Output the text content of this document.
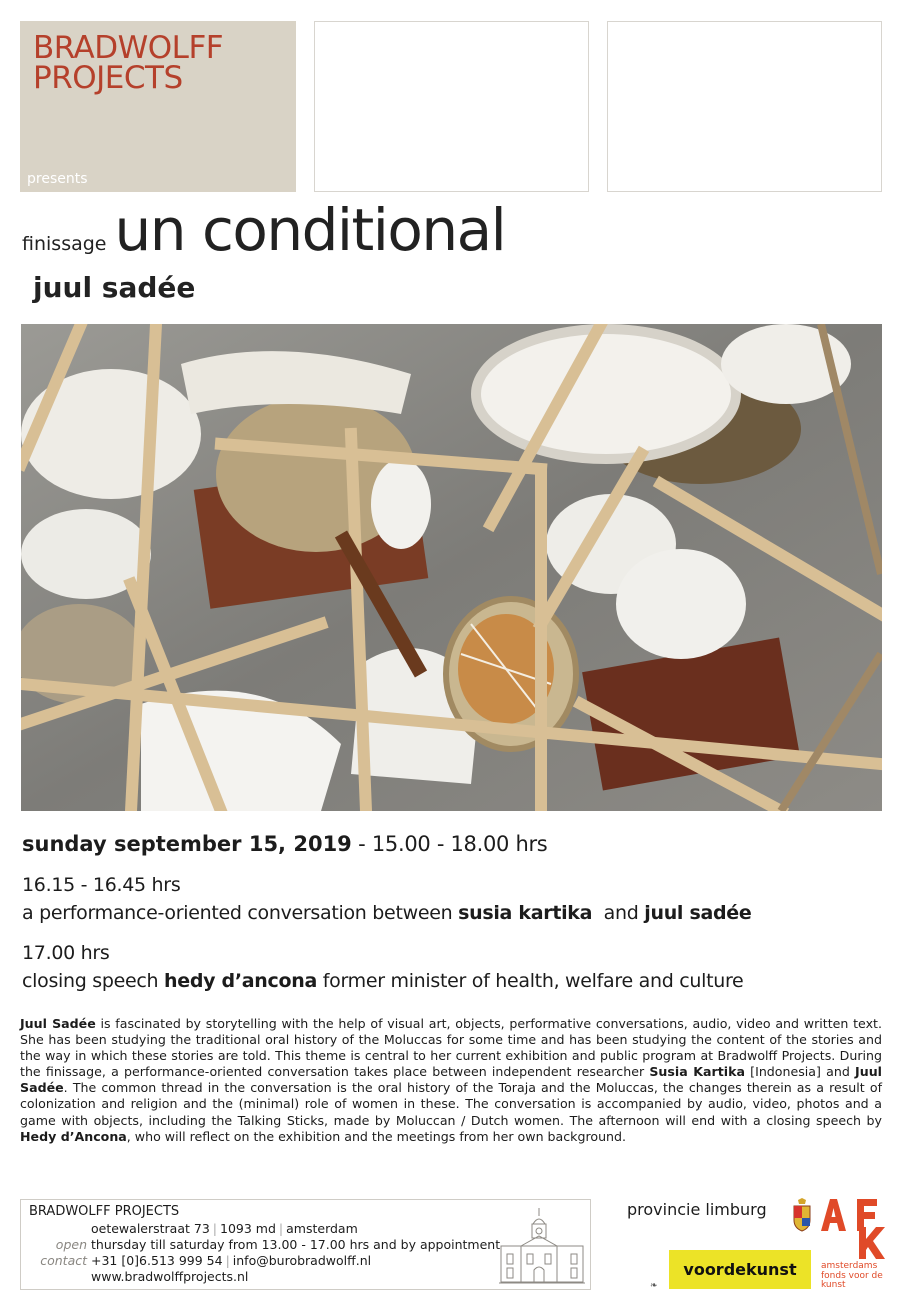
BRADWOLFF
PROJECTS
presents
finissage un conditional
juul sadée
sunday september 15, 2019 - 15.00 - 18.00 hrs
16.15 - 16.45 hrs
a performance-oriented conversation between susia kartika  and juul sadée
17.00 hrs
closing speech hedy d’ancona former minister of health, welfare and culture
Juul Sadée is fascinated by storytelling with the help of visual art, objects, performative conversations, audio, video and written text. She has been studying the traditional oral history of the Moluccas for some time and has been studying the content of the stories and the way in which these stories are told. This theme is central to her current exhibition and public program at Bradwolff Projects. During the finissage, a performance-oriented conversation takes place between independent researcher Susia Kartika [Indonesia] and Juul Sadée. The common thread in the conversation is the oral history of the Toraja and the Moluccas, the changes therein as a result of colonization and religion and the (minimal) role of women in these. The conversation is accompanied by audio, video, photos and a game with objects, including the Talking Sticks, made by Moluccan / Dutch women. The afternoon will end with a closing speech by Hedy d’Ancona, who will reflect on the exhibition and the meetings from her own background.
BRADWOLFF PROJECTS
oetewalerstraat 73 | 1093 md | amsterdam
open thursday till saturday from 13.00 - 17.00 hrs and by appointment
contact +31 [0]6.513 999 54 | info@burobradwolff.nl
www.bradwolffprojects.nl
provincie limburg
voordekunst
❧
amsterdams
fonds voor de
kunst
